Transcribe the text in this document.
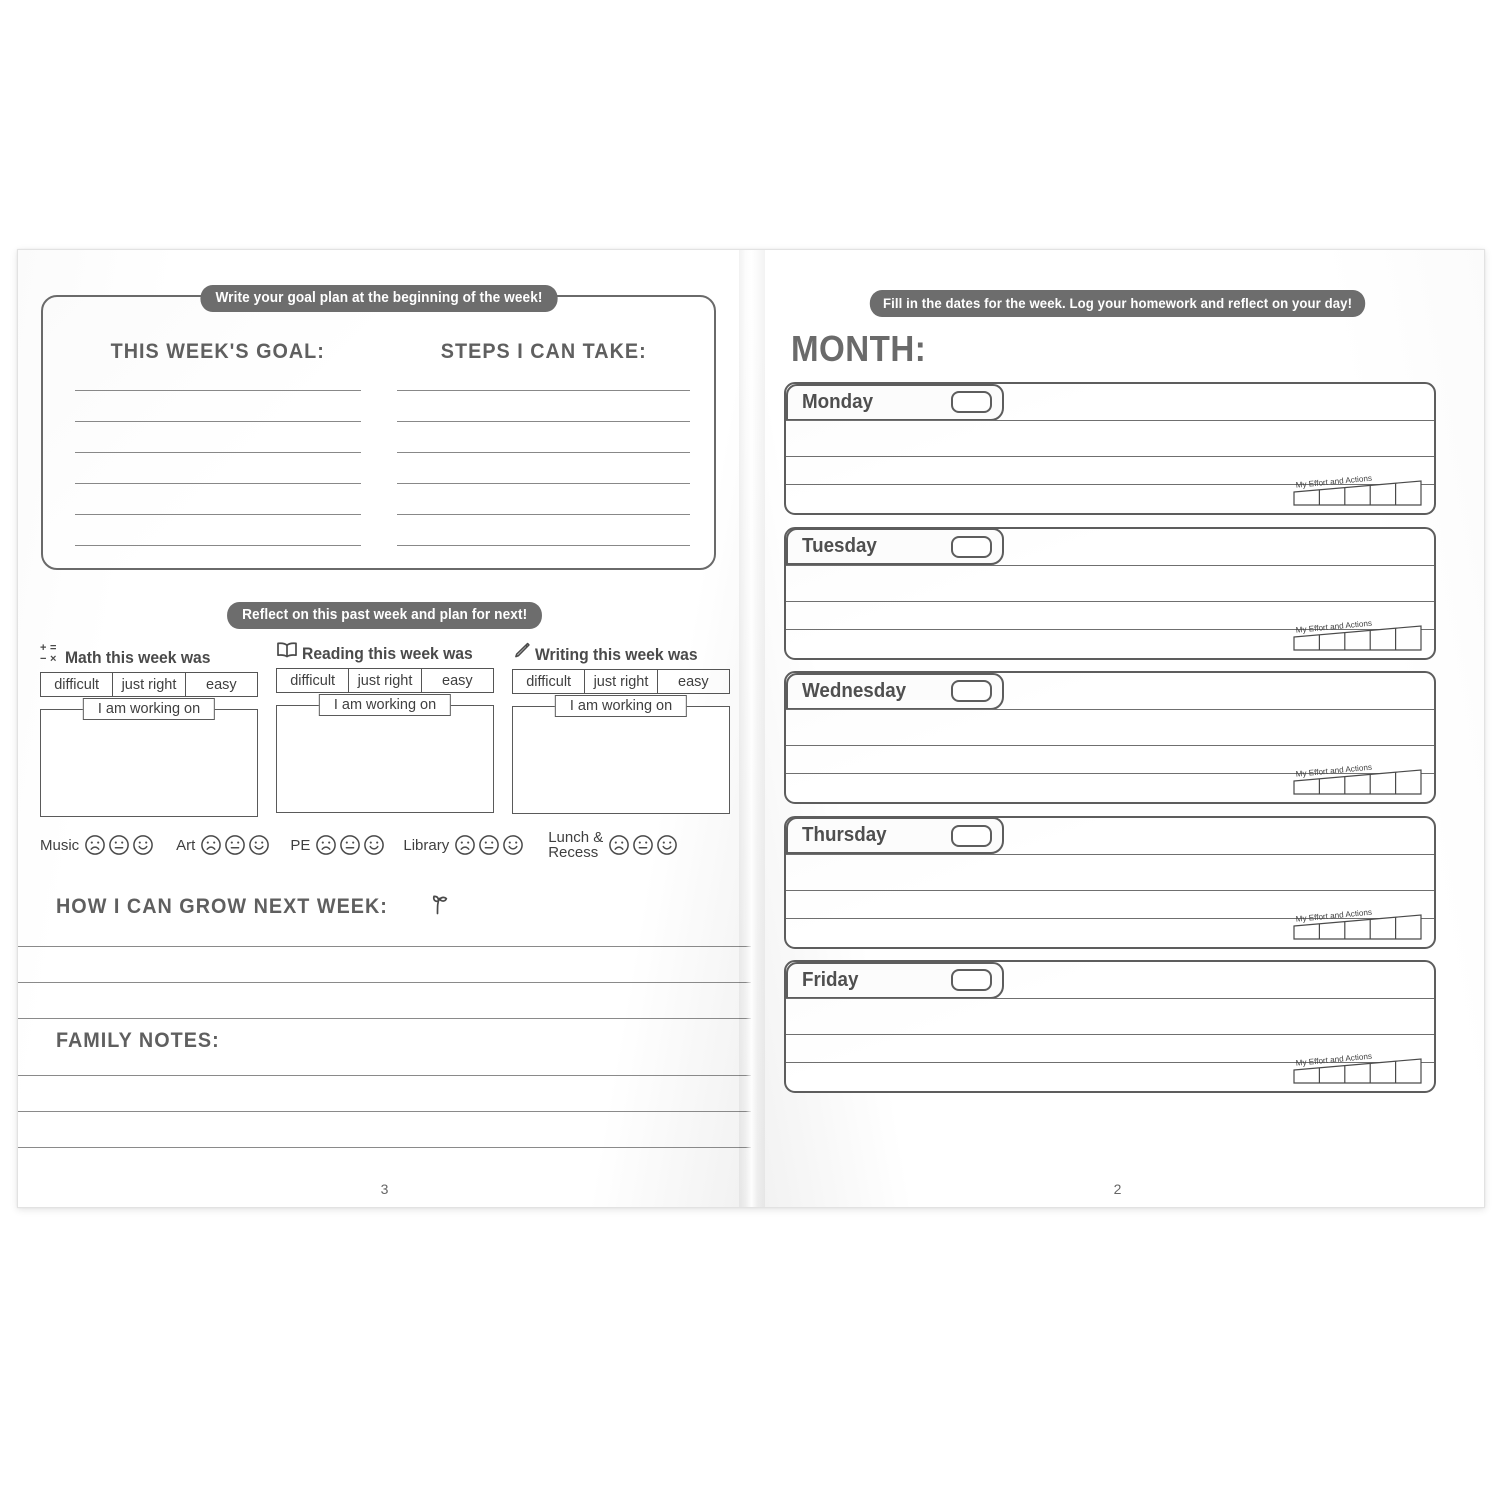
Write your goal plan at the beginning of the week!
THIS WEEK'S GOAL:	STEPS I CAN TAKE:
Reflect on this past week and plan for next!
+ =
− × Math this week was
difficult	just right	easy
I am working on
Reading this week was
difficult	just right	easy
I am working on
Writing this week was
difficult	just right	easy
I am working on
Music	Art	PE	Library	Lunch &
Recess
HOW I CAN GROW NEXT WEEK:
FAMILY NOTES:
3
Fill in the dates for the week. Log your homework and reflect on your day!
MONTH:
Monday
My Effort and Actions
Tuesday
My Effort and Actions
Wednesday
My Effort and Actions
Thursday
My Effort and Actions
Friday
My Effort and Actions
2
